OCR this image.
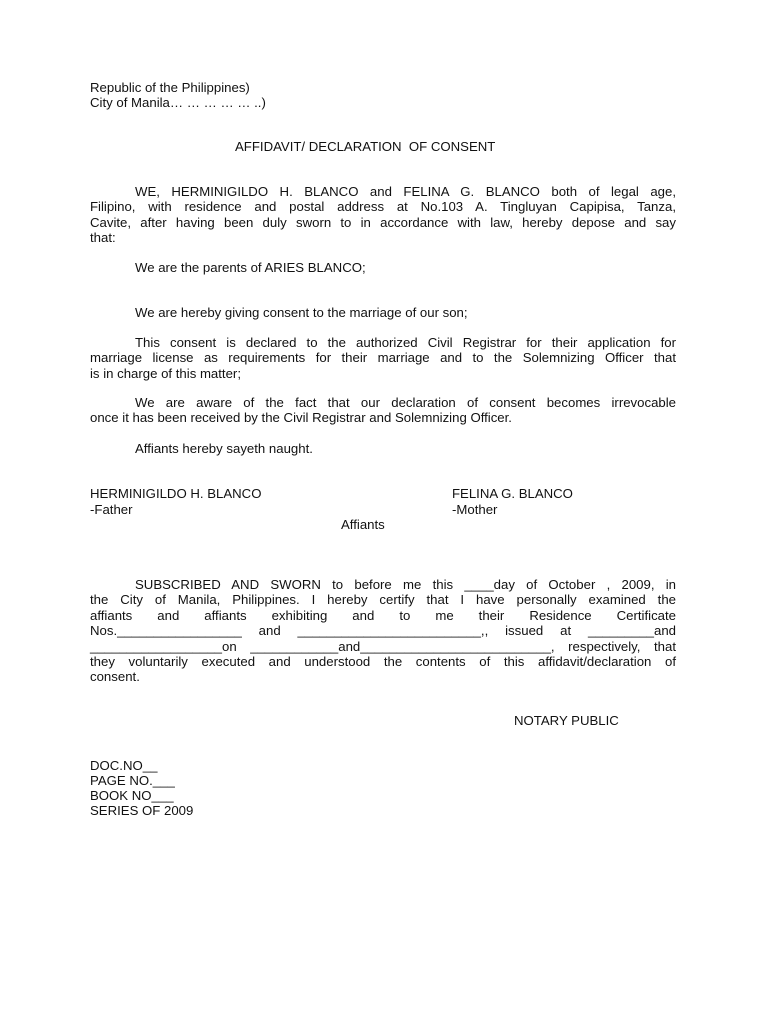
Republic of the Philippines)
City of Manila… … … … … ..)
AFFIDAVIT/ DECLARATION  OF CONSENT
WE, HERMINIGILDO H. BLANCO and FELINA G. BLANCO both of legal age,
Filipino, with residence and postal address at No.103 A. Tingluyan Capipisa, Tanza,
Cavite, after having been duly sworn to in accordance with law, hereby depose and say
that:
We are the parents of ARIES BLANCO;
We are hereby giving consent to the marriage of our son;
This consent is declared to the authorized Civil Registrar for their application for
marriage license as requirements for their marriage and to the Solemnizing Officer that
is in charge of this matter;
We are aware of the fact that our declaration of consent becomes irrevocable
once it has been received by the Civil Registrar and Solemnizing Officer.
Affiants hereby sayeth naught.
HERMINIGILDO H. BLANCO
-Father
FELINA G. BLANCO
-Mother
Affiants
SUBSCRIBED AND SWORN to before me this ____day of October , 2009, in
the City of Manila, Philippines. I hereby certify that I have personally examined the
affiants and affiants exhibiting and to me their Residence Certificate
Nos._________________ and _________________________,, issued at _________and
__________________on ____________and__________________________, respectively, that
they voluntarily executed and understood the contents of this affidavit/declaration of
consent.
NOTARY PUBLIC
DOC.NO__
PAGE NO.___
BOOK NO___
SERIES OF 2009
